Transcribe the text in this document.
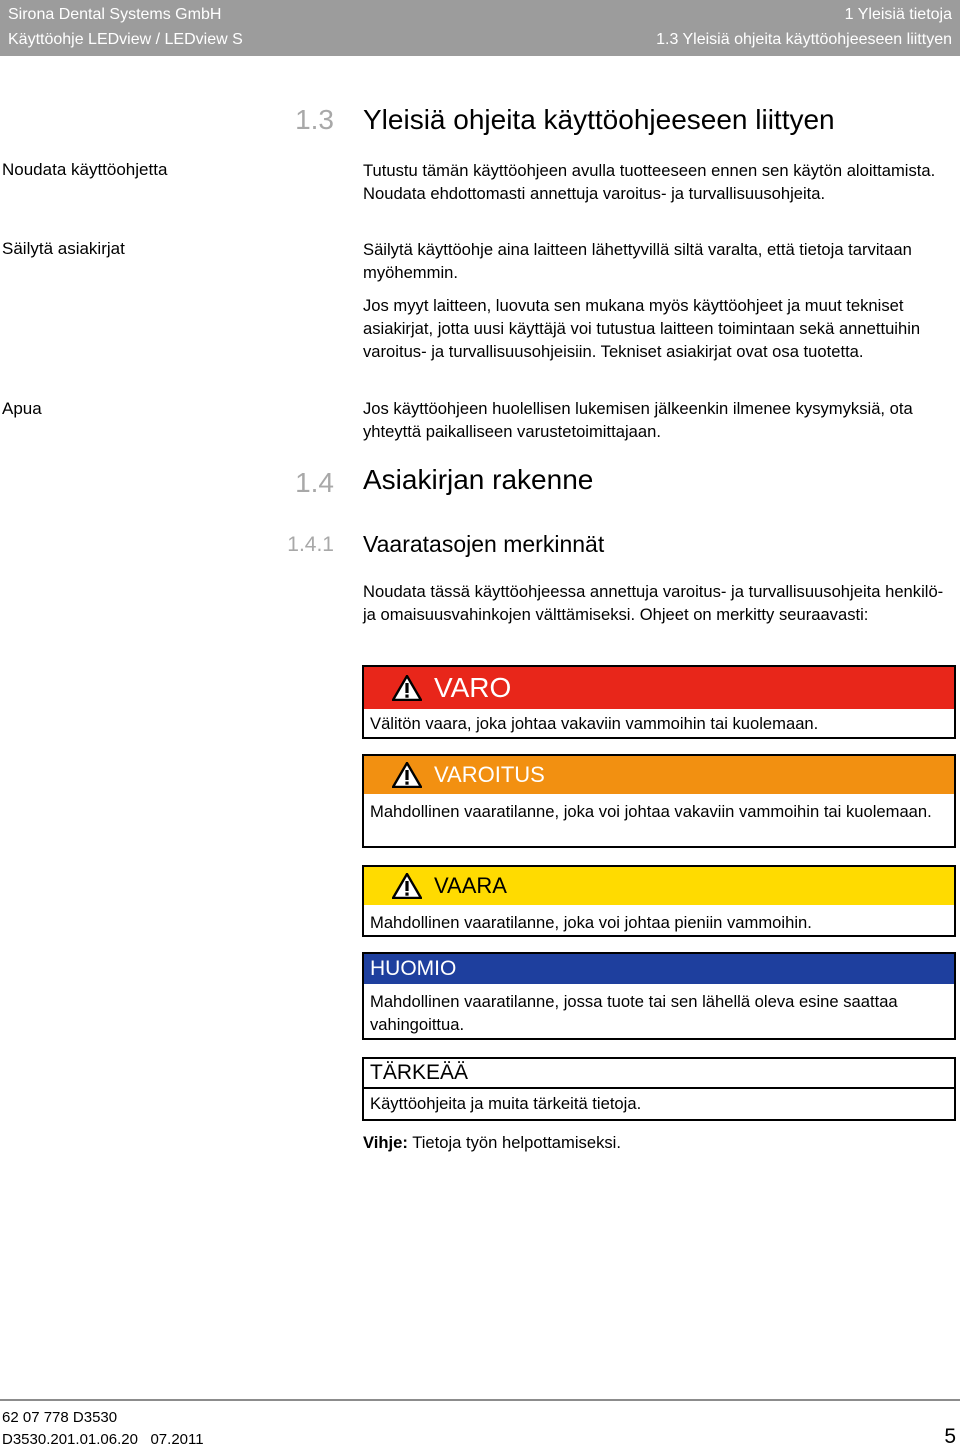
Sirona Dental Systems GmbH
Käyttöohje LEDview / LEDview S
1 Yleisiä tietoja
1.3 Yleisiä ohjeita käyttöohjeeseen liittyen
1.3 Yleisiä ohjeita käyttöohjeeseen liittyen
Noudata käyttöohjetta
Säilytä asiakirjat
Apua

Tutustu tämän käyttöohjeen avulla tuotteeseen ennen sen käytön aloittamista. Noudata ehdottomasti annettuja varoitus- ja turvallisuusohjeita.

Säilytä käyttöohje aina laitteen lähettyvillä siltä varalta, että tietoja tarvitaan myöhemmin.

Jos myyt laitteen, luovuta sen mukana myös käyttöohjeet ja muut tekniset asiakirjat, jotta uusi käyttäjä voi tutustua laitteen toimintaan sekä annettuihin varoitus- ja turvallisuusohjeisiin. Tekniset asiakirjat ovat osa tuotetta.

Jos käyttöohjeen huolellisen lukemisen jälkeenkin ilmenee kysymyksiä, ota yhteyttä paikalliseen varustetoimittajaan.

1.4 Asiakirjan rakenne
1.4.1 Vaaratasojen merkinnät

Noudata tässä käyttöohjeessa annettuja varoitus- ja turvallisuusohjeita henkilö- ja omaisuusvahinkojen välttämiseksi. Ohjeet on merkitty seuraavasti:

VARO
Välitön vaara, joka johtaa vakaviin vammoihin tai kuolemaan.
VAROITUS
Mahdollinen vaaratilanne, joka voi johtaa vakaviin vammoihin tai kuolemaan.
VAARA
Mahdollinen vaaratilanne, joka voi johtaa pieniin vammoihin.
HUOMIO
Mahdollinen vaaratilanne, jossa tuote tai sen lähellä oleva esine saattaa vahingoittua.
TÄRKEÄÄ
Käyttöohjeita ja muita tärkeitä tietoja.
Vihje: Tietoja työn helpottamiseksi.
62 07 778 D3530
D3530.201.01.06.20 07.2011	5
